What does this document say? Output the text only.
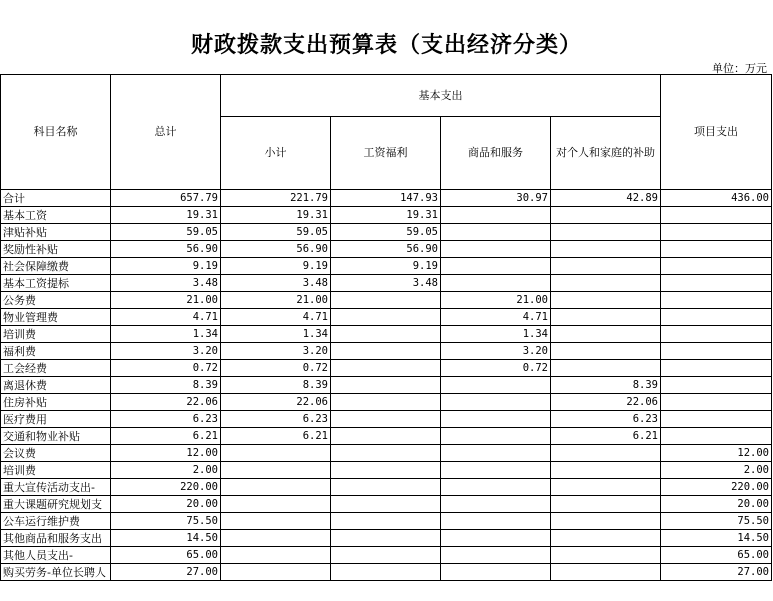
财政拨款支出预算表（支出经济分类）
单位：万元
科目名称	总计	基本支出				项目支出
		小计	工资福利	商品和服务	对个人和家庭的补助	
合计	657.79	221.79	147.93	30.97	42.89	436.00
基本工资	19.31	19.31	19.31			
津贴补贴	59.05	59.05	59.05			
奖励性补贴	56.90	56.90	56.90			
社会保障缴费	9.19	9.19	9.19			
基本工资提标	3.48	3.48	3.48			
公务费	21.00	21.00		21.00		
物业管理费	4.71	4.71		4.71		
培训费	1.34	1.34		1.34		
福利费	3.20	3.20		3.20		
工会经费	0.72	0.72		0.72		
离退休费	8.39	8.39			8.39	
住房补贴	22.06	22.06			22.06	
医疗费用	6.23	6.23			6.23	
交通和物业补贴	6.21	6.21			6.21	
会议费	12.00					12.00
培训费	2.00					2.00
重大宣传活动支出-	220.00					220.00
重大课题研究规划支	20.00					20.00
公车运行维护费	75.50					75.50
其他商品和服务支出	14.50					14.50
其他人员支出-	65.00					65.00
购买劳务-单位长聘人	27.00					27.00
